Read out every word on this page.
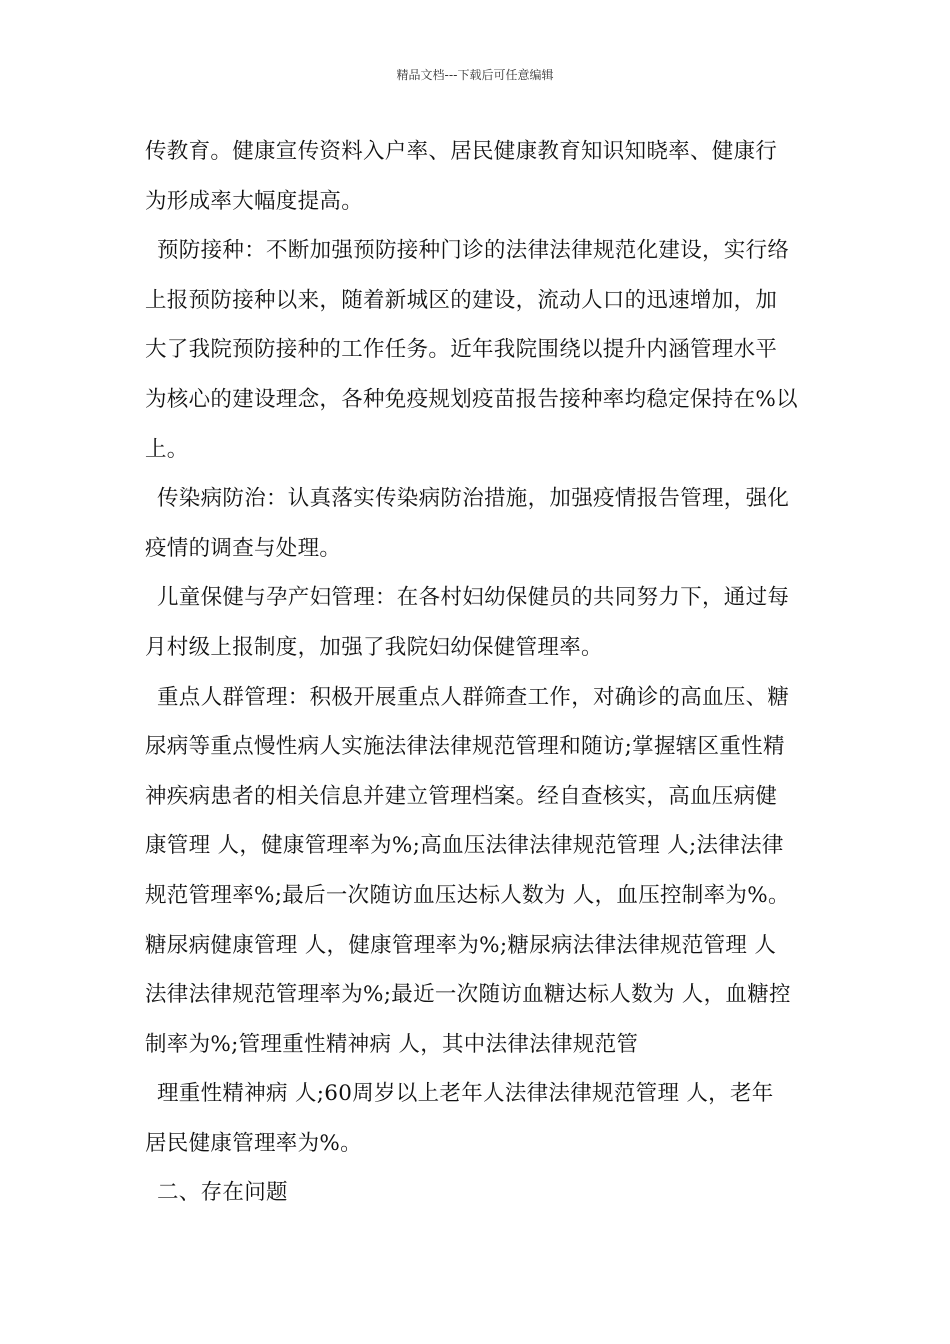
精品文档---下载后可任意编辑
传教育。健康宣传资料入户率、居民健康教育知识知晓率、健康行
为形成率大幅度提高。
预防接种：不断加强预防接种门诊的法律法律规范化建设，实行络
上报预防接种以来，随着新城区的建设，流动人口的迅速增加，加
大了我院预防接种的工作任务。近年我院围绕以提升内涵管理水平
为核心的建设理念，各种免疫规划疫苗报告接种率均稳定保持在%以
上。
传染病防治：认真落实传染病防治措施，加强疫情报告管理，强化
疫情的调查与处理。
儿童保健与孕产妇管理：在各村妇幼保健员的共同努力下，通过每
月村级上报制度，加强了我院妇幼保健管理率。
重点人群管理：积极开展重点人群筛查工作，对确诊的高血压、糖
尿病等重点慢性病人实施法律法律规范管理和随访;掌握辖区重性精
神疾病患者的相关信息并建立管理档案。经自查核实，高血压病健
康管理 人，健康管理率为%;高血压法律法律规范管理 人;法律法律
规范管理率%;最后一次随访血压达标人数为 人，血压控制率为%。
糖尿病健康管理 人，健康管理率为%;糖尿病法律法律规范管理 人
法律法律规范管理率为%;最近一次随访血糖达标人数为 人，血糖控
制率为%;管理重性精神病 人，其中法律法律规范管
理重性精神病 人;60周岁以上老年人法律法律规范管理 人，老年
居民健康管理率为%。
二、存在问题
